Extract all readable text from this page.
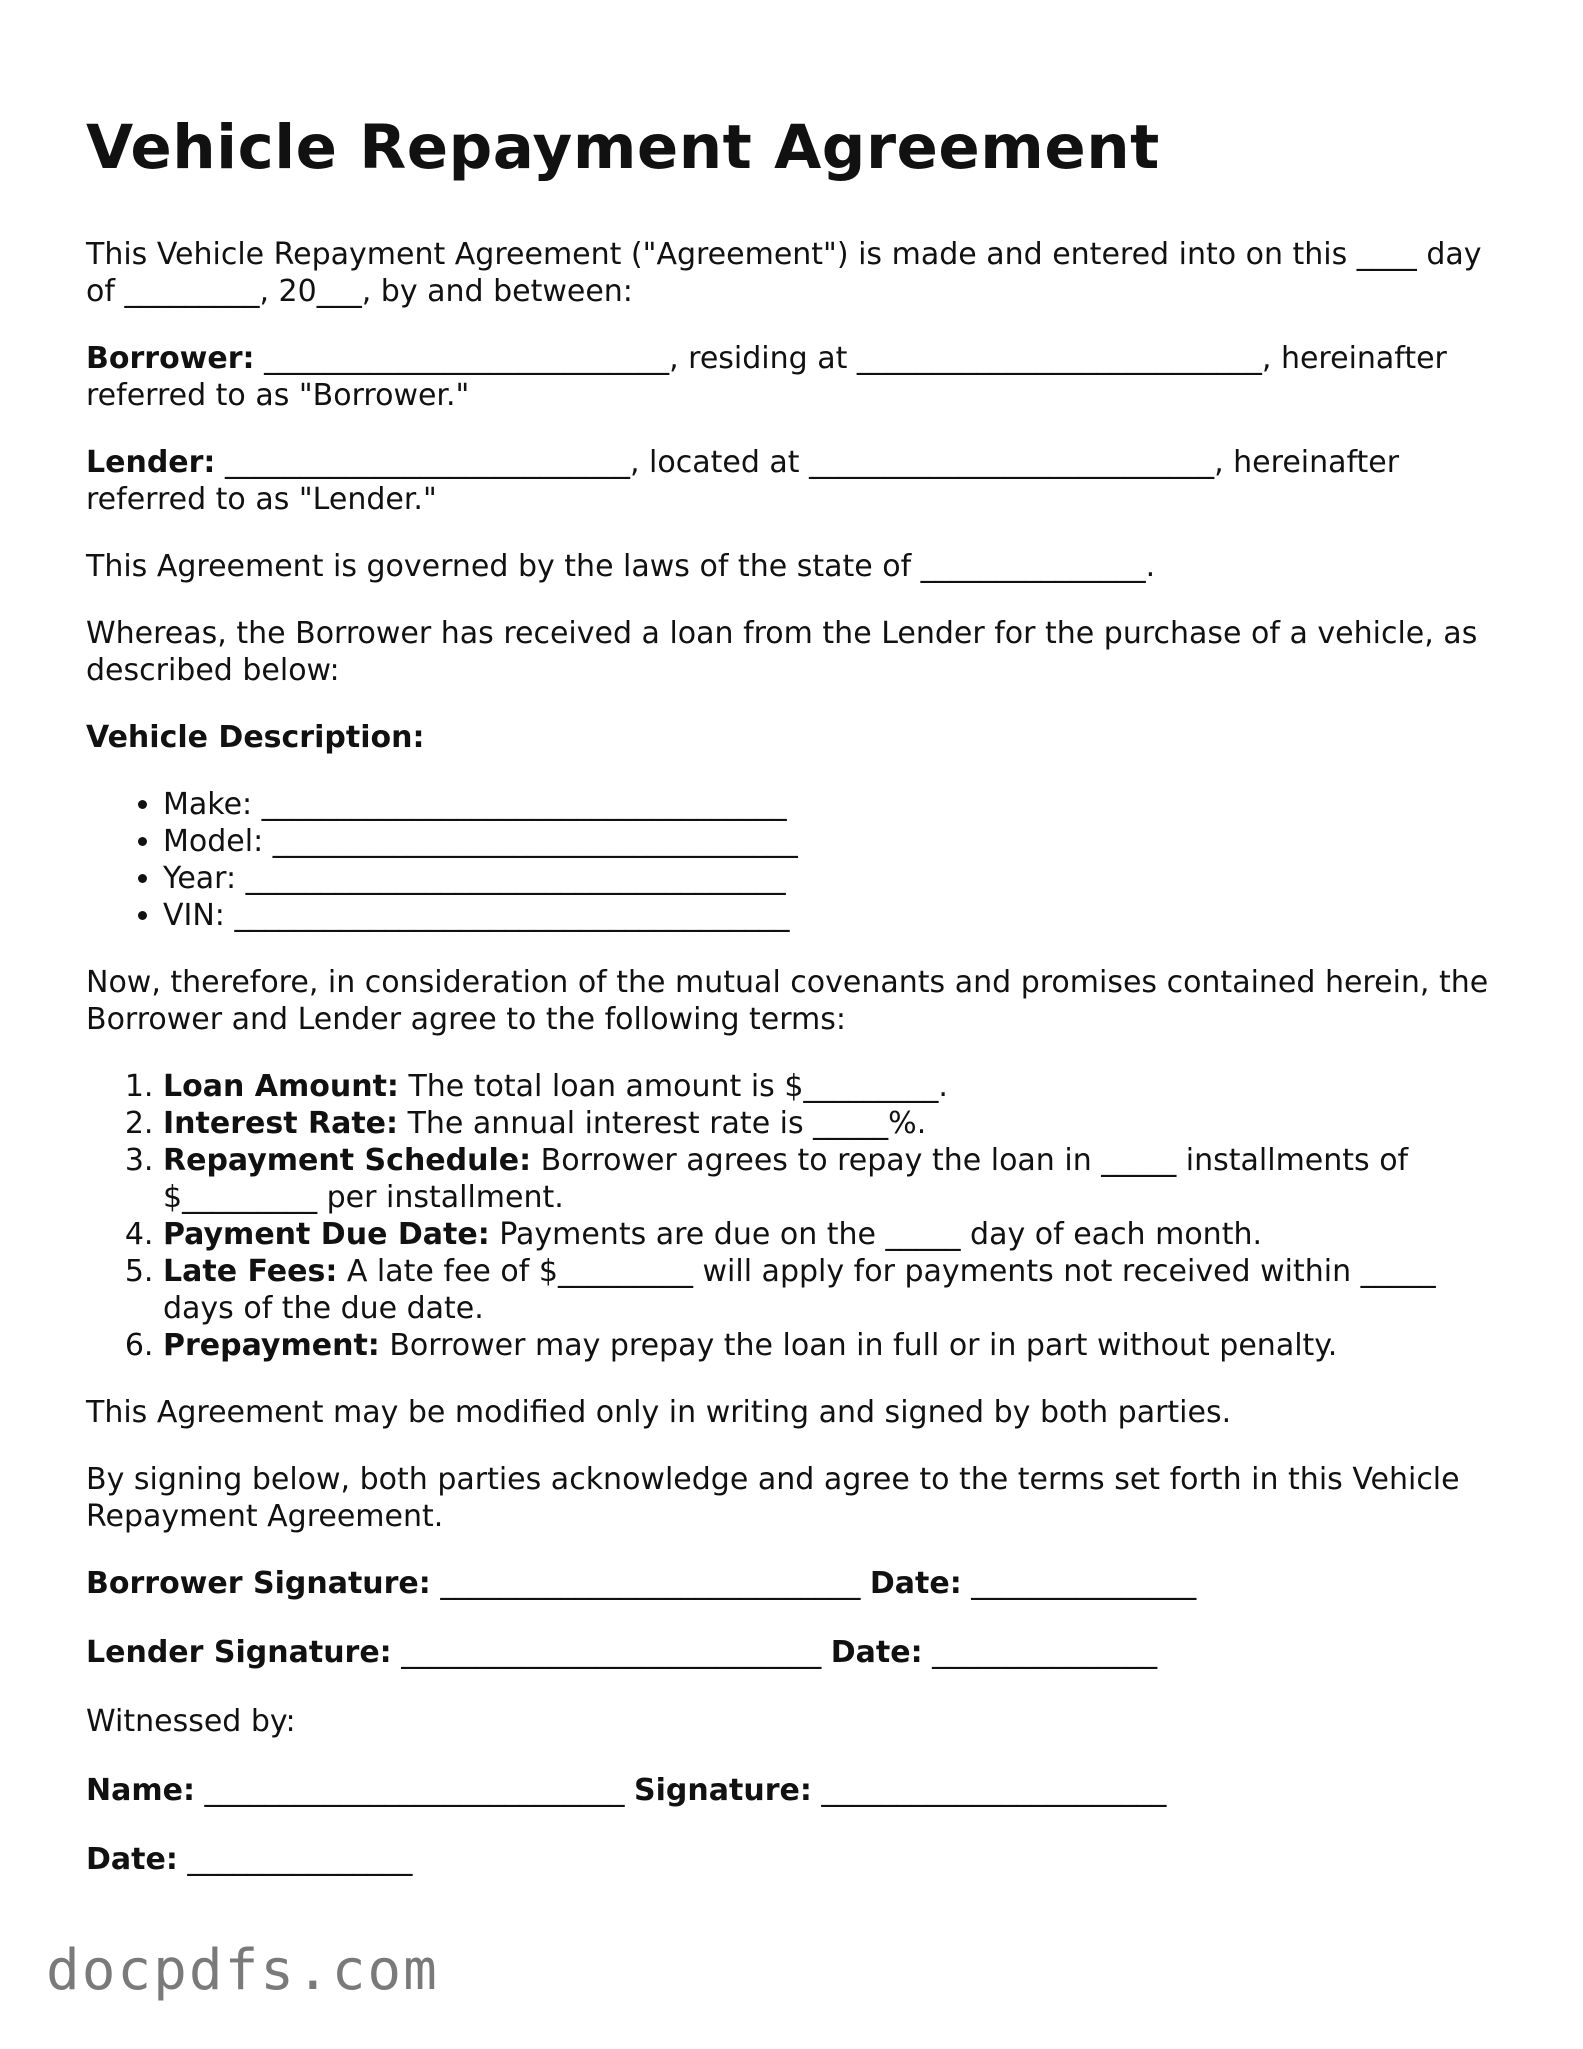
Vehicle Repayment Agreement

This Vehicle Repayment Agreement ("Agreement") is made and entered into on this ____ day of _________, 20___, by and between:

Borrower: ___________________________, residing at ___________________________, hereinafter referred to as "Borrower."

Lender: ___________________________, located at ___________________________, hereinafter referred to as "Lender."

This Agreement is governed by the laws of the state of _______________.

Whereas, the Borrower has received a loan from the Lender for the purchase of a vehicle, as described below:

Vehicle Description:

• Make: ___________________________________
• Model: ___________________________________
• Year: ____________________________________
• VIN: _____________________________________

Now, therefore, in consideration of the mutual covenants and promises contained herein, the Borrower and Lender agree to the following terms:

1. Loan Amount: The total loan amount is $_________.
2. Interest Rate: The annual interest rate is _____%.
3. Repayment Schedule: Borrower agrees to repay the loan in _____ installments of $_________ per installment.
4. Payment Due Date: Payments are due on the _____ day of each month.
5. Late Fees: A late fee of $_________ will apply for payments not received within _____ days of the due date.
6. Prepayment: Borrower may prepay the loan in full or in part without penalty.

This Agreement may be modified only in writing and signed by both parties.

By signing below, both parties acknowledge and agree to the terms set forth in this Vehicle Repayment Agreement.

Borrower Signature: ____________________________ Date: _______________
Lender Signature: ____________________________ Date: _______________
Witnessed by:
Name: ____________________________ Signature: _______________________
Date: _______________
docpdfs.com
